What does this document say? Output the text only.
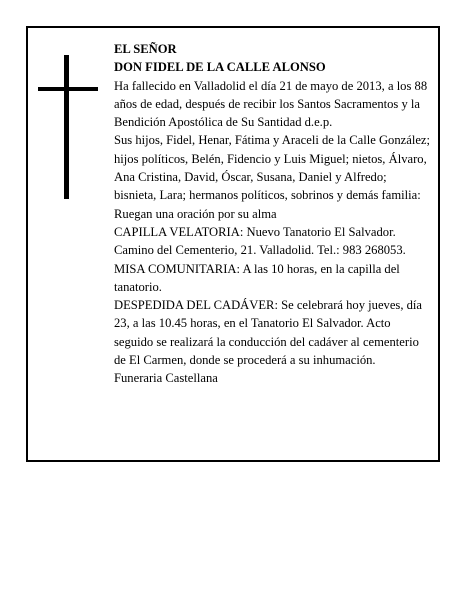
EL SEÑOR

DON FIDEL DE LA CALLE ALONSO

Ha fallecido en Valladolid el día 21 de mayo de 2013, a los 88 años de edad, después de recibir los Santos Sacramentos y la Bendición Apostólica de Su Santidad d.e.p.

Sus hijos, Fidel, Henar, Fátima y Araceli de la Calle González; hijos políticos, Belén, Fidencio y Luis Miguel; nietos, Álvaro, Ana Cristina, David, Óscar, Susana, Daniel y Alfredo; bisnieta, Lara; hermanos políticos, sobrinos y demás familia:

Ruegan una oración por su alma

CAPILLA VELATORIA: Nuevo Tanatorio El Salvador. Camino del Cementerio, 21. Valladolid. Tel.: 983 268053. MISA COMUNITARIA: A las 10 horas, en la capilla del tanatorio.

DESPEDIDA DEL CADÁVER: Se celebrará hoy jueves, día 23, a las 10.45 horas, en el Tanatorio El Salvador. Acto seguido se realizará la conducción del cadáver al cementerio de El Carmen, donde se procederá a su inhumación.

Funeraria Castellana
